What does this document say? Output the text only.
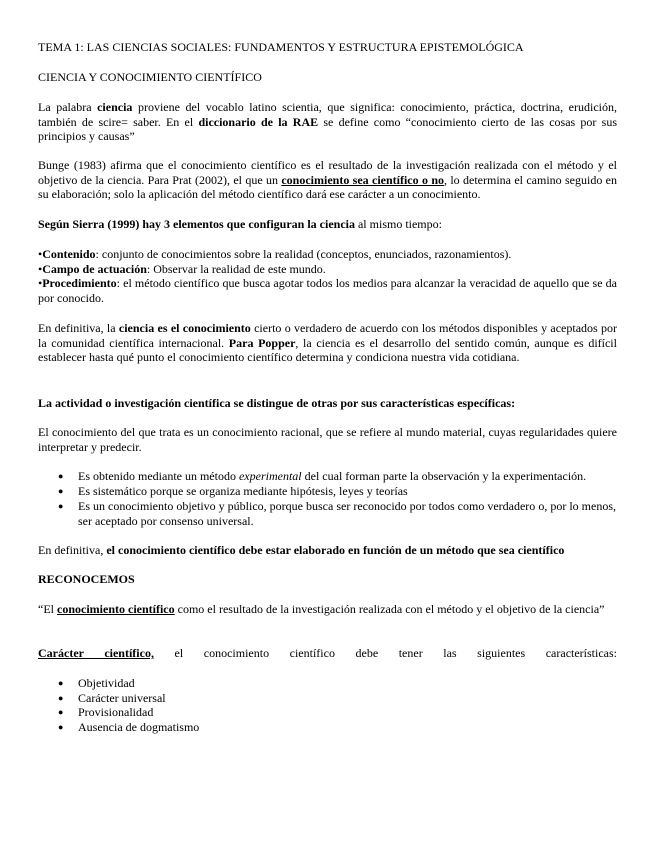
TEMA 1: LAS CIENCIAS SOCIALES: FUNDAMENTOS Y ESTRUCTURA EPISTEMOLÓGICA

CIENCIA Y CONOCIMIENTO CIENTÍFICO

La palabra ciencia proviene del vocablo latino scientia, que significa: conocimiento, práctica, doctrina, erudición, también de scire= saber. En el diccionario de la RAE se define como “conocimiento cierto de las cosas por sus principios y causas”

Bunge (1983) afirma que el conocimiento científico es el resultado de la investigación realizada con el método y el objetivo de la ciencia. Para Prat (2002), el que un conocimiento sea científico o no, lo determina el camino seguido en su elaboración; solo la aplicación del método científico dará ese carácter a un conocimiento.

Según Sierra (1999) hay 3 elementos que configuran la ciencia al mismo tiempo:

•Contenido: conjunto de conocimientos sobre la realidad (conceptos, enunciados, razonamientos).
•Campo de actuación: Observar la realidad de este mundo.
•Procedimiento: el método científico que busca agotar todos los medios para alcanzar la veracidad de aquello que se da por conocido.

En definitiva, la ciencia es el conocimiento cierto o verdadero de acuerdo con los métodos disponibles y aceptados por la comunidad científica internacional. Para Popper, la ciencia es el desarrollo del sentido común, aunque es difícil establecer hasta qué punto el conocimiento científico determina y condiciona nuestra vida cotidiana.

La actividad o investigación científica se distingue de otras por sus características específicas:

El conocimiento del que trata es un conocimiento racional, que se refiere al mundo material, cuyas regularidades quiere interpretar y predecir.

● Es obtenido mediante un método experimental del cual forman parte la observación y la experimentación.

● Es sistemático porque se organiza mediante hipótesis, leyes y teorías

● Es un conocimiento objetivo y público, porque busca ser reconocido por todos como verdadero o, por lo menos, ser aceptado por consenso universal.

En definitiva, el conocimiento científico debe estar elaborado en función de un método que sea científico

RECONOCEMOS

“El conocimiento científico como el resultado de la investigación realizada con el método y el objetivo de la ciencia”

Carácter científico, el conocimiento científico debe tener las siguientes características:

● Objetividad

● Carácter universal

● Provisionalidad

● Ausencia de dogmatismo
